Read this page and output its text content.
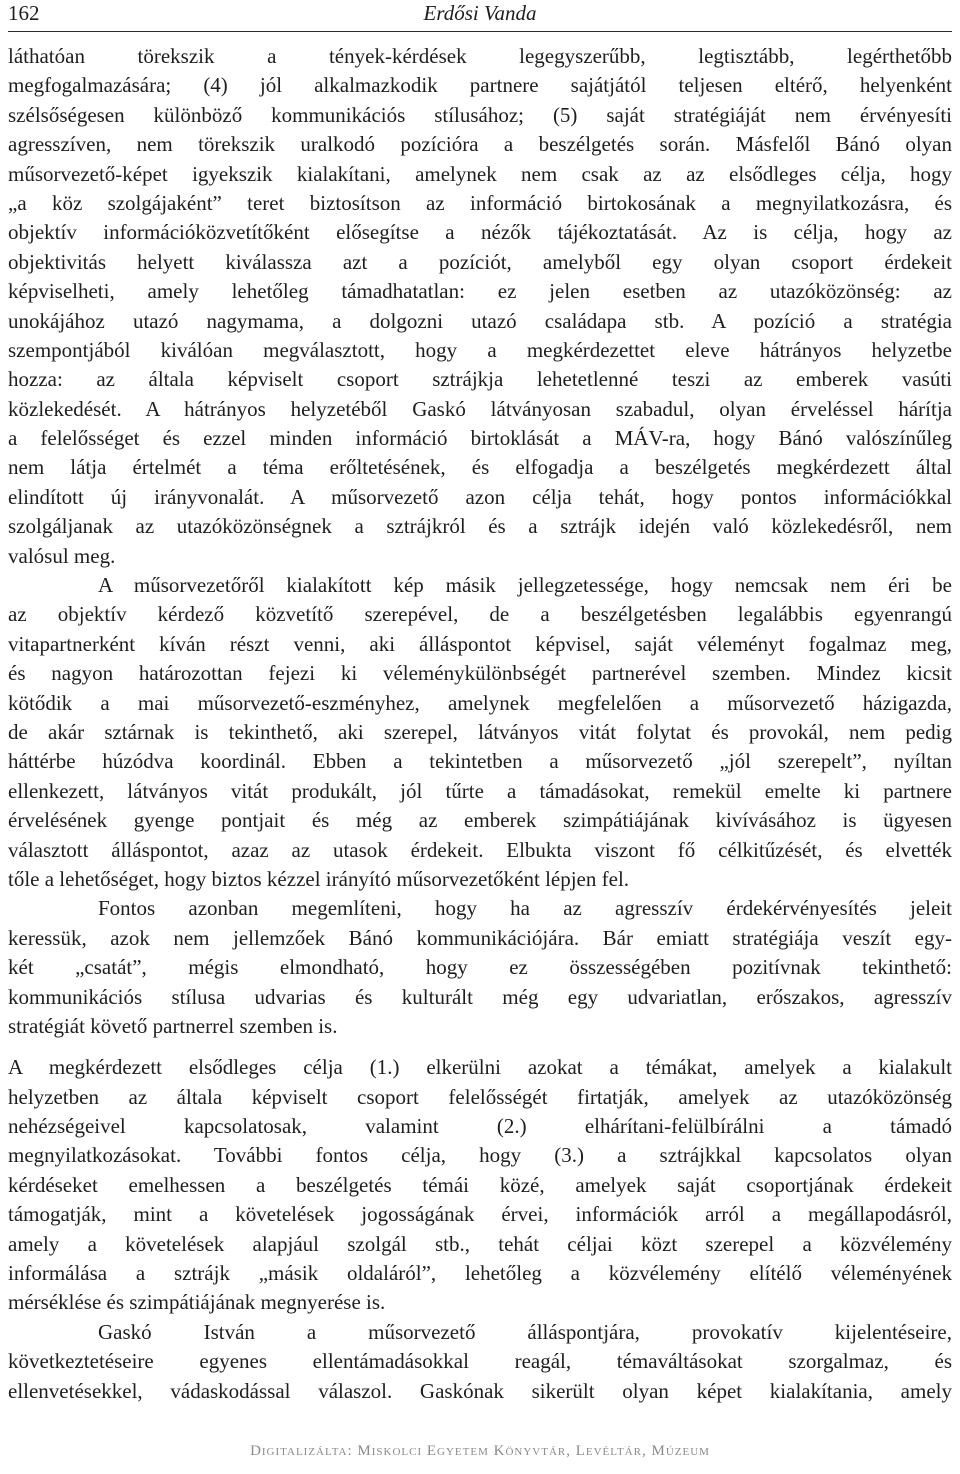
162	Erdősi Vanda
láthatóan törekszik a tények-kérdések legegyszerűbb, legtisztább, legérthetőbb
megfogalmazására; (4) jól alkalmazkodik partnere sajátjától teljesen eltérő, helyenként
szélsőségesen különböző kommunikációs stílusához; (5) saját stratégiáját nem érvényesíti
agresszíven, nem törekszik uralkodó pozícióra a beszélgetés során. Másfelől Bánó olyan
műsorvezető-képet igyekszik kialakítani, amelynek nem csak az az elsődleges célja, hogy
„a köz szolgájaként” teret biztosítson az információ birtokosának a megnyilatkozásra, és
objektív információközvetítőként elősegítse a nézők tájékoztatását. Az is célja, hogy az
objektivitás helyett kiválassza azt a pozíciót, amelyből egy olyan csoport érdekeit
képviselheti, amely lehetőleg támadhatatlan: ez jelen esetben az utazóközönség: az
unokájához utazó nagymama, a dolgozni utazó családapa stb. A pozíció a stratégia
szempontjából kiválóan megválasztott, hogy a megkérdezettet eleve hátrányos helyzetbe
hozza: az általa képviselt csoport sztrájkja lehetetlenné teszi az emberek vasúti
közlekedését. A hátrányos helyzetéből Gaskó látványosan szabadul, olyan érveléssel hárítja
a felelősséget és ezzel minden információ birtoklását a MÁV-ra, hogy Bánó valószínűleg
nem látja értelmét a téma erőltetésének, és elfogadja a beszélgetés megkérdezett által
elindított új irányvonalát. A műsorvezető azon célja tehát, hogy pontos információkkal
szolgáljanak az utazóközönségnek a sztrájkról és a sztrájk idején való közlekedésről, nem
valósul meg.
A műsorvezetőről kialakított kép másik jellegzetessége, hogy nemcsak nem éri be
az objektív kérdező közvetítő szerepével, de a beszélgetésben legalábbis egyenrangú
vitapartnerként kíván részt venni, aki álláspontot képvisel, saját véleményt fogalmaz meg,
és nagyon határozottan fejezi ki véleménykülönbségét partnerével szemben. Mindez kicsit
kötődik a mai műsorvezető-eszményhez, amelynek megfelelően a műsorvezető házigazda,
de akár sztárnak is tekinthető, aki szerepel, látványos vitát folytat és provokál, nem pedig
háttérbe húzódva koordinál. Ebben a tekintetben a műsorvezető „jól szerepelt”, nyíltan
ellenkezett, látványos vitát produkált, jól tűrte a támadásokat, remekül emelte ki partnere
érvelésének gyenge pontjait és még az emberek szimpátiájának kivívásához is ügyesen
választott álláspontot, azaz az utasok érdekeit. Elbukta viszont fő célkitűzését, és elvették
tőle a lehetőséget, hogy biztos kézzel irányító műsorvezetőként lépjen fel.
Fontos azonban megemlíteni, hogy ha az agresszív érdekérvényesítés jeleit
keressük, azok nem jellemzőek Bánó kommunikációjára. Bár emiatt stratégiája veszít egy-
két „csatát”, mégis elmondható, hogy ez összességében pozitívnak tekinthető:
kommunikációs stílusa udvarias és kulturált még egy udvariatlan, erőszakos, agresszív
stratégiát követő partnerrel szemben is.
A megkérdezett elsődleges célja (1.) elkerülni azokat a témákat, amelyek a kialakult
helyzetben az általa képviselt csoport felelősségét firtatják, amelyek az utazóközönség
nehézségeivel kapcsolatosak, valamint (2.) elhárítani-felülbírálni a támadó
megnyilatkozásokat. További fontos célja, hogy (3.) a sztrájkkal kapcsolatos olyan
kérdéseket emelhessen a beszélgetés témái közé, amelyek saját csoportjának érdekeit
támogatják, mint a követelések jogosságának érvei, információk arról a megállapodásról,
amely a követelések alapjául szolgál stb., tehát céljai közt szerepel a közvélemény
informálása a sztrájk „másik oldaláról”, lehetőleg a közvélemény elítélő véleményének
mérséklése és szimpátiájának megnyerése is.
Gaskó István a műsorvezető álláspontjára, provokatív kijelentéseire,
következtetéseire egyenes ellentámadásokkal reagál, témaváltásokat szorgalmaz, és
ellenvetésekkel, vádaskodással válaszol. Gaskónak sikerült olyan képet kialakítania, amely
Digitalizálta: Miskolci Egyetem Könyvtár, Levéltár, Múzeum
